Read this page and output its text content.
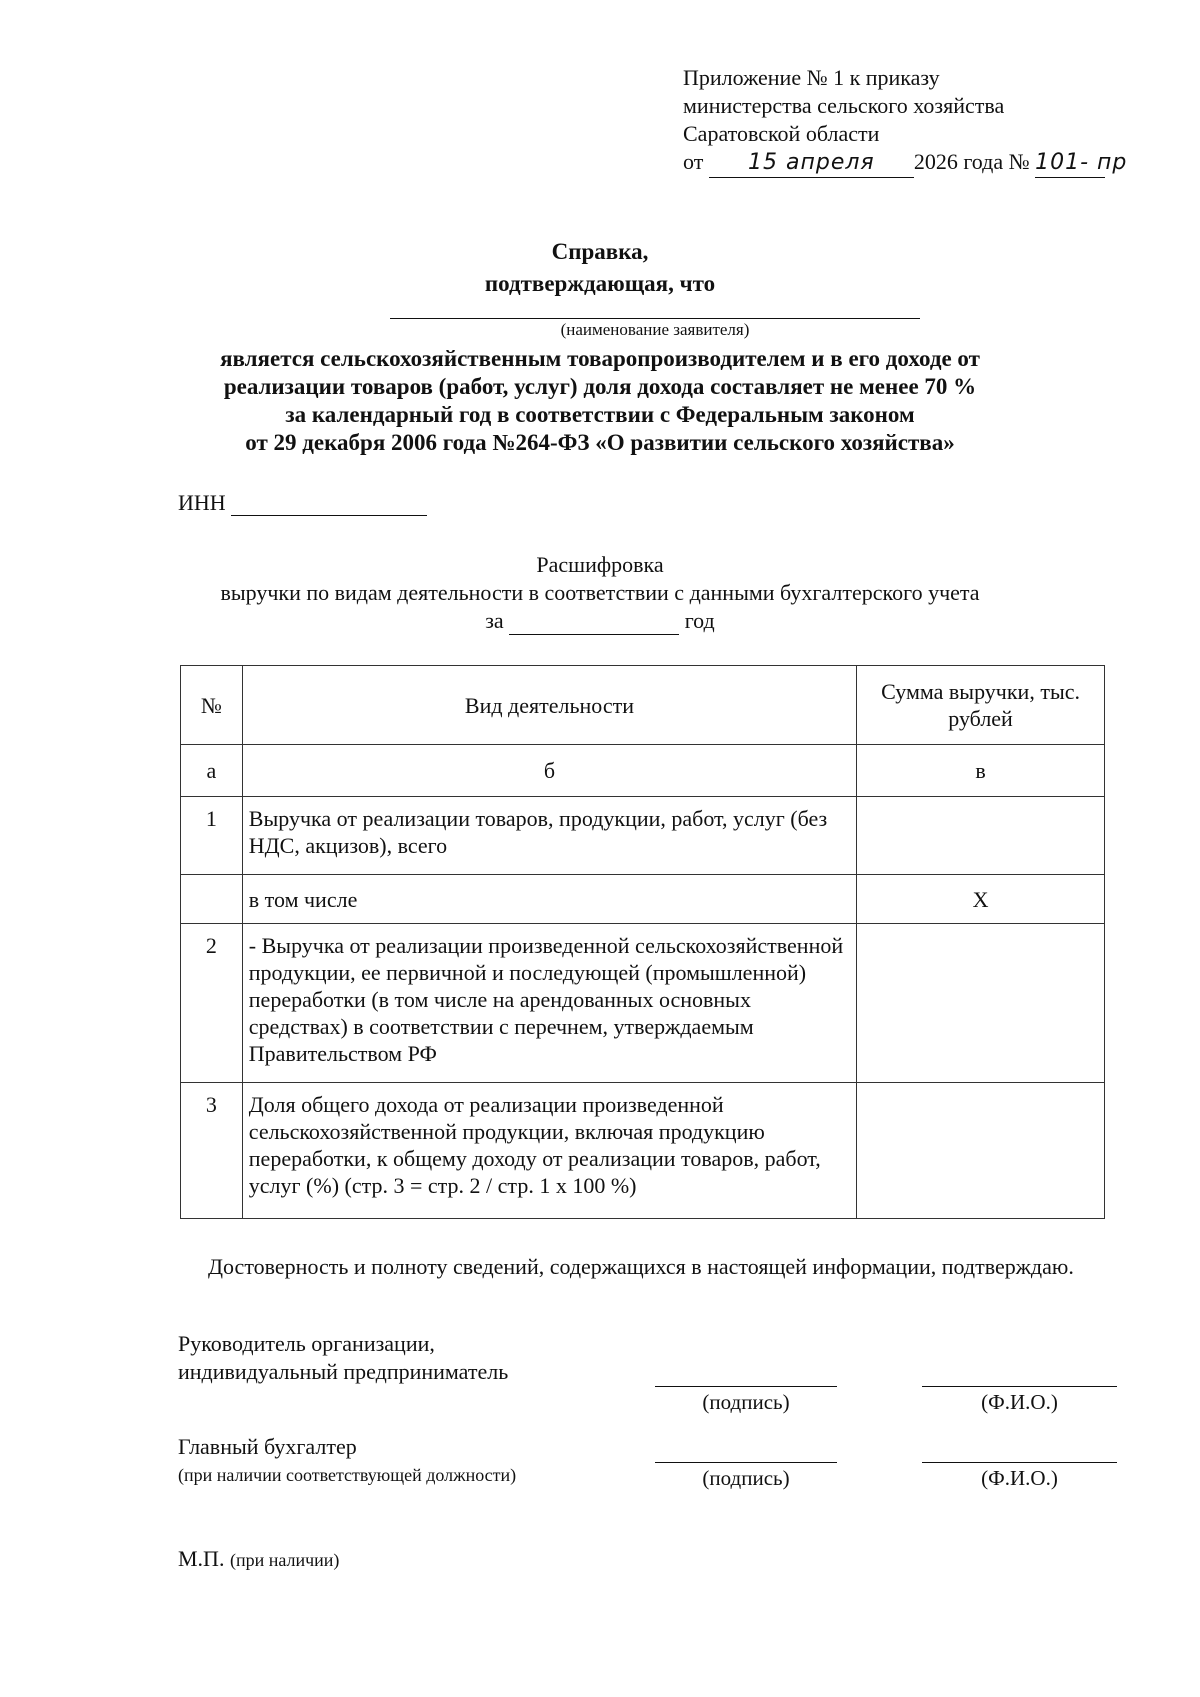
Приложение № 1 к приказу
министерства сельского хозяйства
Саратовской области
от 15 апреля 2026 года № 101- пр
Справка,
подтверждающая, что
(наименование заявителя)
является сельскохозяйственным товаропроизводителем и в его доходе от
реализации товаров (работ, услуг) доля дохода составляет не менее 70 %
за календарный год в соответствии с Федеральным законом
от 29 декабря 2006 года №264-ФЗ «О развитии сельского хозяйства»
ИНН
Расшифровка
выручки по видам деятельности в соответствии с данными бухгалтерского учета
за	год
№	Вид деятельности	Сумма выручки, тыс. рублей
а	б	в
1	Выручка от реализации товаров, продукции, работ, услуг (без НДС, акцизов), всего	
	в том числе	Х
2	- Выручка от реализации произведенной сельскохозяйственной продукции, ее первичной и последующей (промышленной) переработки (в том числе на арендованных основных средствах) в соответствии с перечнем, утверждаемым Правительством РФ	
3	Доля общего дохода от реализации произведенной сельскохозяйственной продукции, включая продукцию переработки, к общему доходу от реализации товаров, работ, услуг (%) (стр. 3 = стр. 2 / стр. 1 х 100 %)	
Достоверность и полноту сведений, содержащихся в настоящей информации, подтверждаю.
Руководитель организации,
индивидуальный предприниматель
(подпись)	(Ф.И.О.)
Главный бухгалтер
(при наличии соответствующей должности)	(подпись)	(Ф.И.О.)
М.П. (при наличии)
